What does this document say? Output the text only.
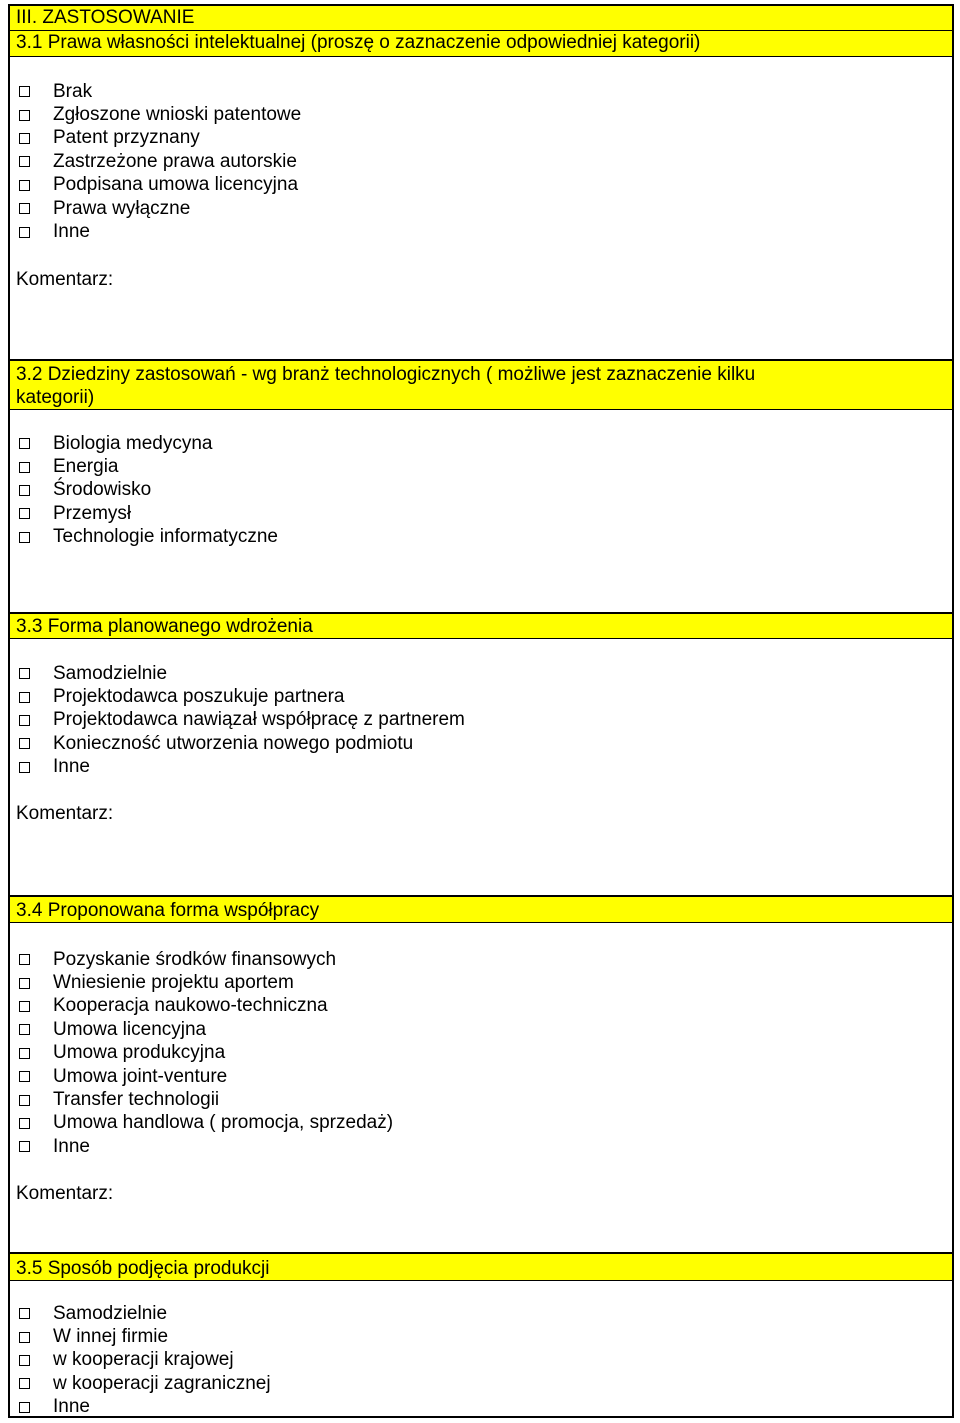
III. ZASTOSOWANIE
3.1 Prawa własności intelektualnej (proszę o zaznaczenie odpowiedniej kategorii)
Brak
Zgłoszone wnioski patentowe
Patent przyznany
Zastrzeżone prawa autorskie
Podpisana umowa licencyjna
Prawa wyłączne
Inne
Komentarz:
3.2 Dziedziny zastosowań - wg branż technologicznych ( możliwe jest zaznaczenie kilku
kategorii)
Biologia medycyna
Energia
Środowisko
Przemysł
Technologie informatyczne
3.3 Forma planowanego wdrożenia
Samodzielnie
Projektodawca poszukuje partnera
Projektodawca nawiązał współpracę z partnerem
Konieczność utworzenia nowego podmiotu
Inne
Komentarz:
3.4 Proponowana forma współpracy
Pozyskanie środków finansowych
Wniesienie projektu aportem
Kooperacja naukowo-techniczna
Umowa licencyjna
Umowa produkcyjna
Umowa joint-venture
Transfer technologii
Umowa handlowa ( promocja, sprzedaż)
Inne
Komentarz:
3.5 Sposób podjęcia produkcji
Samodzielnie
W innej firmie
w kooperacji krajowej
w kooperacji zagranicznej
Inne
